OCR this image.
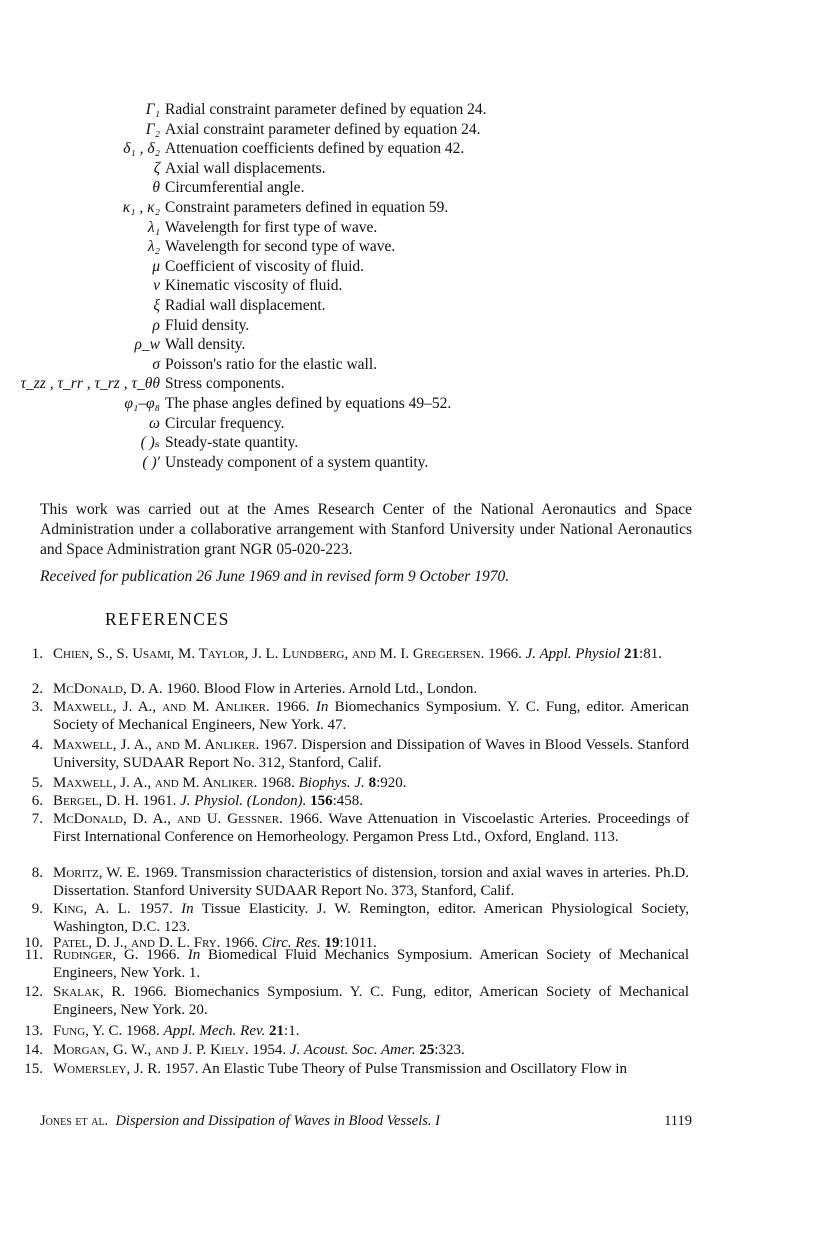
Γ₁ Radial constraint parameter defined by equation 24.
Γ₂ Axial constraint parameter defined by equation 24.
δ₁ , δ₂ Attenuation coefficients defined by equation 42.
ζ Axial wall displacements.
θ Circumferential angle.
κ₁ , κ₂ Constraint parameters defined in equation 59.
λ₁ Wavelength for first type of wave.
λ₂ Wavelength for second type of wave.
μ Coefficient of viscosity of fluid.
ν Kinematic viscosity of fluid.
ξ Radial wall displacement.
ρ Fluid density.
ρ_w Wall density.
σ Poisson's ratio for the elastic wall.
τ_zz , τ_rr , τ_rz , τ_θθ Stress components.
φ₁–φ₈ The phase angles defined by equations 49–52.
ω Circular frequency.
( )ₛ Steady-state quantity.
( )′ Unsteady component of a system quantity.

This work was carried out at the Ames Research Center of the National Aeronautics and Space Administration under a collaborative arrangement with Stanford University under National Aeronautics and Space Administration grant NGR 05-020-223.

Received for publication 26 June 1969 and in revised form 9 October 1970.

REFERENCES
1. Chien, S., S. Usami, M. Taylor, J. L. Lundberg, and M. I. Gregersen. 1966. J. Appl. Physiol 21:81.
2. McDonald, D. A. 1960. Blood Flow in Arteries. Arnold Ltd., London.
3. Maxwell, J. A., and M. Anliker. 1966. In Biomechanics Symposium. Y. C. Fung, editor. American Society of Mechanical Engineers, New York. 47.
4. Maxwell, J. A., and M. Anliker. 1967. Dispersion and Dissipation of Waves in Blood Vessels. Stanford University, SUDAAR Report No. 312, Stanford, Calif.
5. Maxwell, J. A., and M. Anliker. 1968. Biophys. J. 8:920.
6. Bergel, D. H. 1961. J. Physiol. (London). 156:458.
7. McDonald, D. A., and U. Gessner. 1966. Wave Attenuation in Viscoelastic Arteries. Proceedings of First International Conference on Hemorheology. Pergamon Press Ltd., Oxford, England. 113.
8. Moritz, W. E. 1969. Transmission characteristics of distension, torsion and axial waves in arteries. Ph.D. Dissertation. Stanford University SUDAAR Report No. 373, Stanford, Calif.
9. King, A. L. 1957. In Tissue Elasticity. J. W. Remington, editor. American Physiological Society, Washington, D.C. 123.
10. Patel, D. J., and D. L. Fry. 1966. Circ. Res. 19:1011.
11. Rudinger, G. 1966. In Biomedical Fluid Mechanics Symposium. American Society of Mechanical Engineers, New York. 1.
12. Skalak, R. 1966. Biomechanics Symposium. Y. C. Fung, editor, American Society of Mechanical Engineers, New York. 20.
13. Fung, Y. C. 1968. Appl. Mech. Rev. 21:1.
14. Morgan, G. W., and J. P. Kiely. 1954. J. Acoust. Soc. Amer. 25:323.
15. Womersley, J. R. 1957. An Elastic Tube Theory of Pulse Transmission and Oscillatory Flow in
Jones et al. Dispersion and Dissipation of Waves in Blood Vessels. I	1119
